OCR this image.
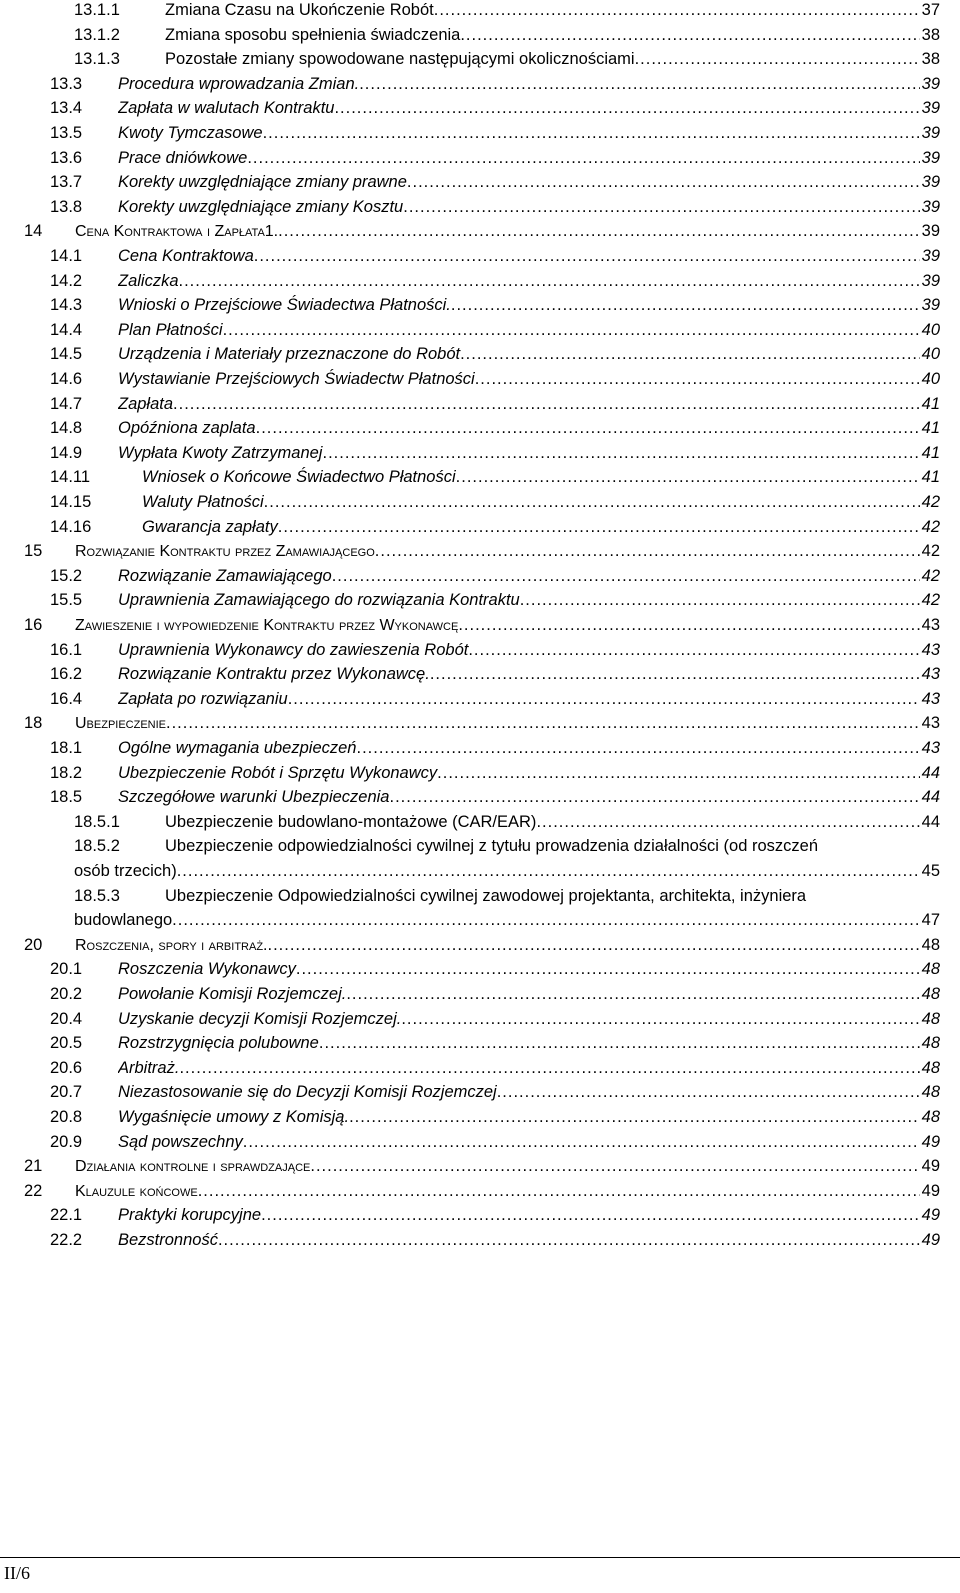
13.1.1	Zmiana Czasu na Ukończenie Robót .....	37
13.1.2	Zmiana sposobu spełnienia świadczenia .....	38
13.1.3	Pozostałe zmiany spowodowane następującymi okolicznościami .....	38
13.3 Procedura wprowadzania Zmian. .....	39
13.4 Zapłata w walutach Kontraktu .....	39
13.5 Kwoty Tymczasowe .....	39
13.6 Prace dniówkowe .....	39
13.7 Korekty uwzględniające zmiany prawne .....	39
13.8 Korekty uwzględniające zmiany Kosztu .....	39
14 Cena Kontraktowa i Zapłata1. .....	39
14.1 Cena Kontraktowa .....	39
14.2 Zaliczka .....	39
14.3 Wnioski o Przejściowe Świadectwa Płatności. .....	39
14.4 Plan Płatności .....	40
14.5 Urządzenia i Materiały przeznaczone do Robót .....	40
14.6 Wystawianie Przejściowych Świadectw Płatności .....	40
14.7 Zapłata .....	41
14.8 Opóźniona zaplata .....	41
14.9 Wypłata Kwoty Zatrzymanej .....	41
14.11	Wniosek o Końcowe Świadectwo Płatności .....	41
14.15	Waluty Płatności .....	42
14.16	Gwarancja zapłaty .....	42
15 Rozwiązanie Kontraktu przez Zamawiającego .....	42
15.2 Rozwiązanie Zamawiającego .....	42
15.5 Uprawnienia Zamawiającego do rozwiązania Kontraktu .....	42
16 Zawieszenie i wypowiedzenie Kontraktu przez Wykonawcę .....	43
16.1 Uprawnienia Wykonawcy do zawieszenia Robót .....	43
16.2 Rozwiązanie Kontraktu przez Wykonawcę. .....	43
16.4 Zapłata po rozwiązaniu .....	43
18 Ubezpieczenie .....	43
18.1 Ogólne wymagania ubezpieczeń .....	43
18.2 Ubezpieczenie Robót i Sprzętu Wykonawcy .....	44
18.5 Szczegółowe warunki Ubezpieczenia .....	44
18.5.1	Ubezpieczenie budowlano-montażowe (CAR/EAR) .....	44
18.5.2	Ubezpieczenie odpowiedzialności cywilnej z tytułu prowadzenia działalności (od roszczeń
osób trzecich) .....	45
18.5.3	Ubezpieczenie Odpowiedzialności cywilnej zawodowej projektanta, architekta, inżyniera
budowlanego .....	47
20 Roszczenia, spory i arbitraż. .....	48
20.1 Roszczenia Wykonawcy .....	48
20.2 Powołanie Komisji Rozjemczej. .....	48
20.4 Uzyskanie decyzji Komisji Rozjemczej. .....	48
20.5 Rozstrzygnięcia polubowne .....	48
20.6 Arbitraż. .....	48
20.7 Niezastosowanie się do Decyzji Komisji Rozjemczej .....	48
20.8 Wygaśnięcie umowy z Komisją. .....	48
20.9 Sąd powszechny .....	49
21 Działania kontrolne i sprawdzające .....	49
22 Klauzule końcowe .....	49
22.1 Praktyki korupcyjne .....	49
22.2 Bezstronność .....	49
II/6
